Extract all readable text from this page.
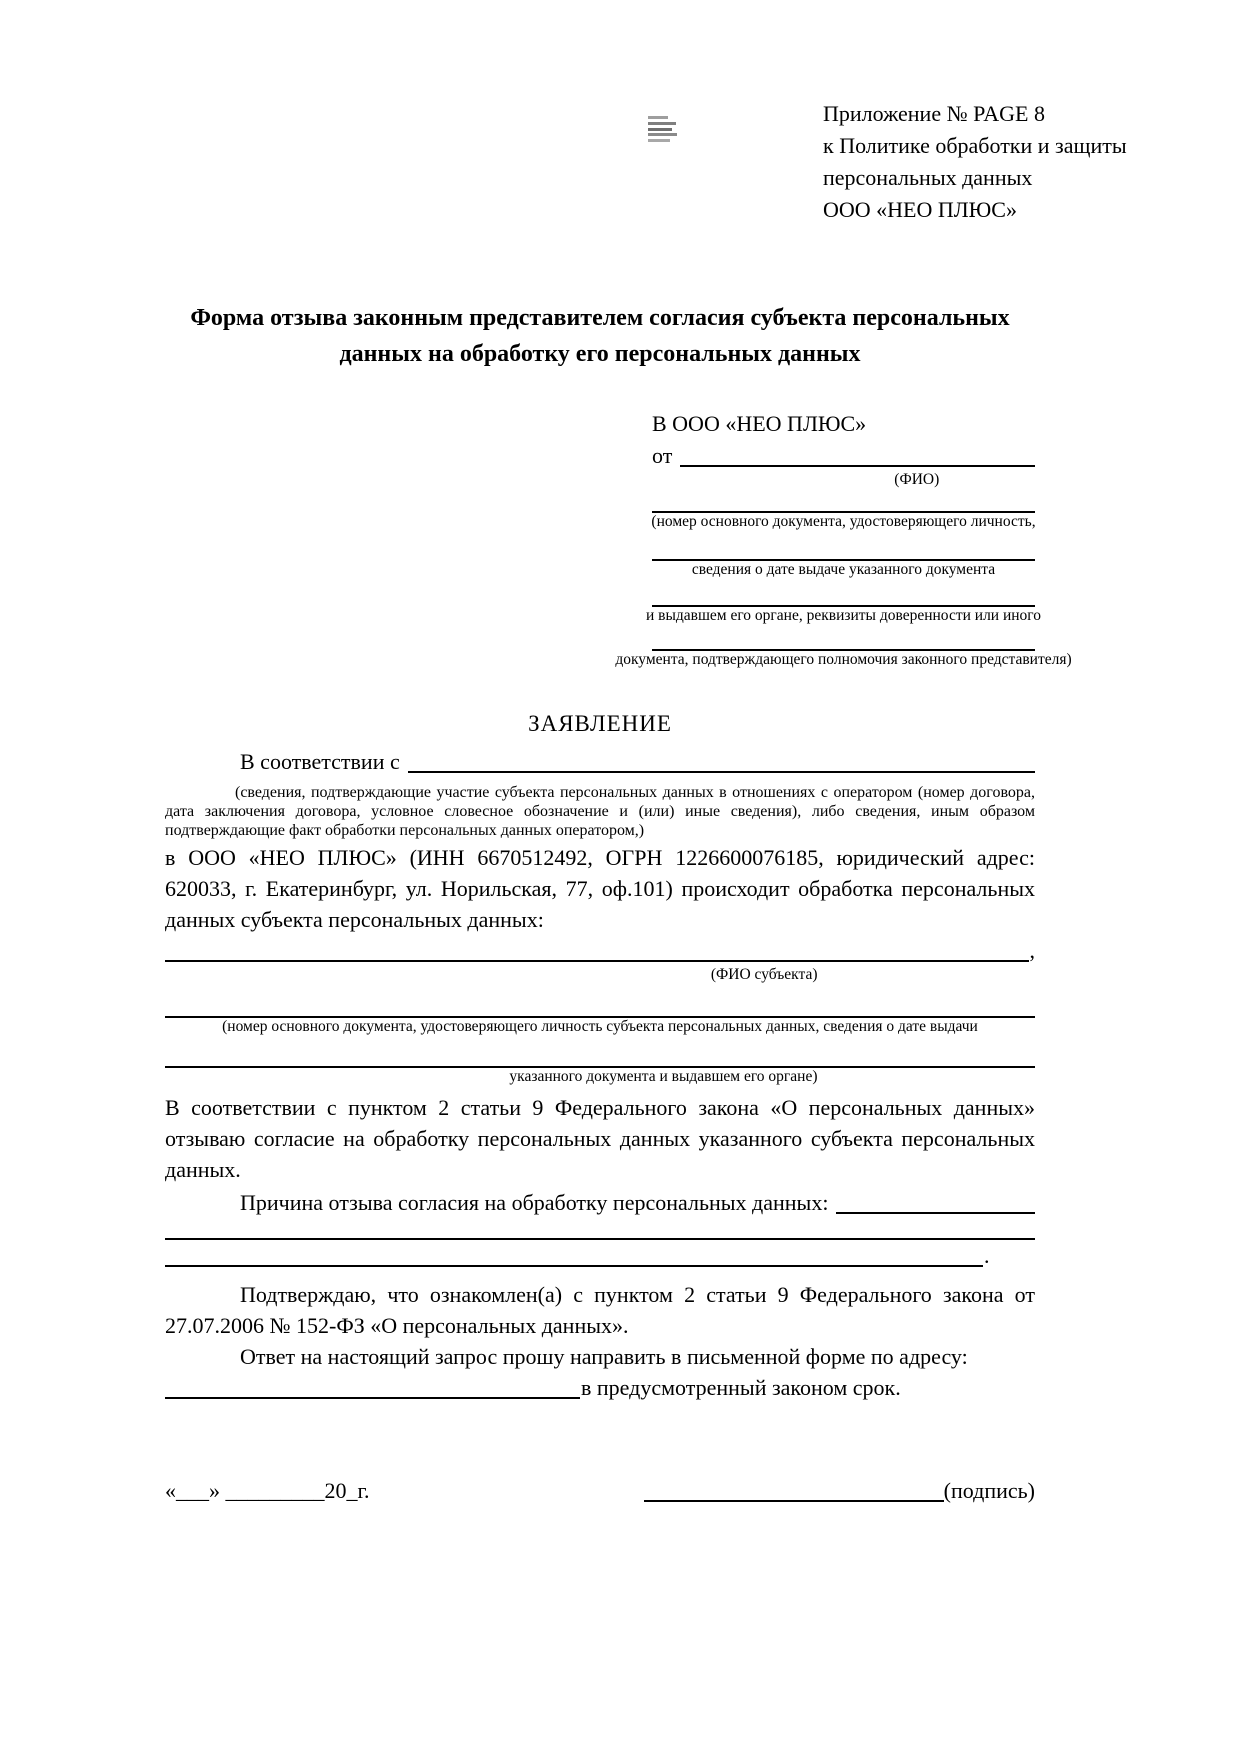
Приложение № PAGE 8
к Политике обработки и защиты
персональных данных
ООО «НЕО ПЛЮС»
Форма отзыва законным представителем согласия субъекта персональных данных на обработку его персональных данных
В ООО «НЕО ПЛЮС»
от
(ФИО)
(номер основного документа, удостоверяющего личность,
сведения о дате выдаче указанного документа
и выдавшем его органе, реквизиты доверенности или иного
документа, подтверждающего полномочия законного представителя)
ЗАЯВЛЕНИЕ
В соответствии с

(сведения, подтверждающие участие субъекта персональных данных в отношениях с оператором (номер договора, дата заключения договора, условное словесное обозначение и (или) иные сведения), либо сведения, иным образом подтверждающие факт обработки персональных данных оператором,)

в ООО «НЕО ПЛЮС» (ИНН 6670512492, ОГРН 1226600076185, юридический адрес: 620033, г. Екатеринбург, ул. Норильская, 77, оф.101) происходит обработка персональных данных субъекта персональных данных:

,
(ФИО субъекта)
(номер основного документа, удостоверяющего личность субъекта персональных данных, сведения о дате выдачи
указанного документа и выдавшем его органе)

В соответствии с пунктом 2 статьи 9 Федерального закона «О персональных данных» отзываю согласие на обработку персональных данных указанного субъекта персональных данных.

Причина отзыва согласия на обработку персональных данных:
.

Подтверждаю, что ознакомлен(а) с пунктом 2 статьи 9 Федерального закона от 27.07.2006 № 152-ФЗ «О персональных данных».

Ответ на настоящий запрос прошу направить в письменной форме по адресу:

в предусмотренный законом срок.
«___» _________20_г.	(подпись)
